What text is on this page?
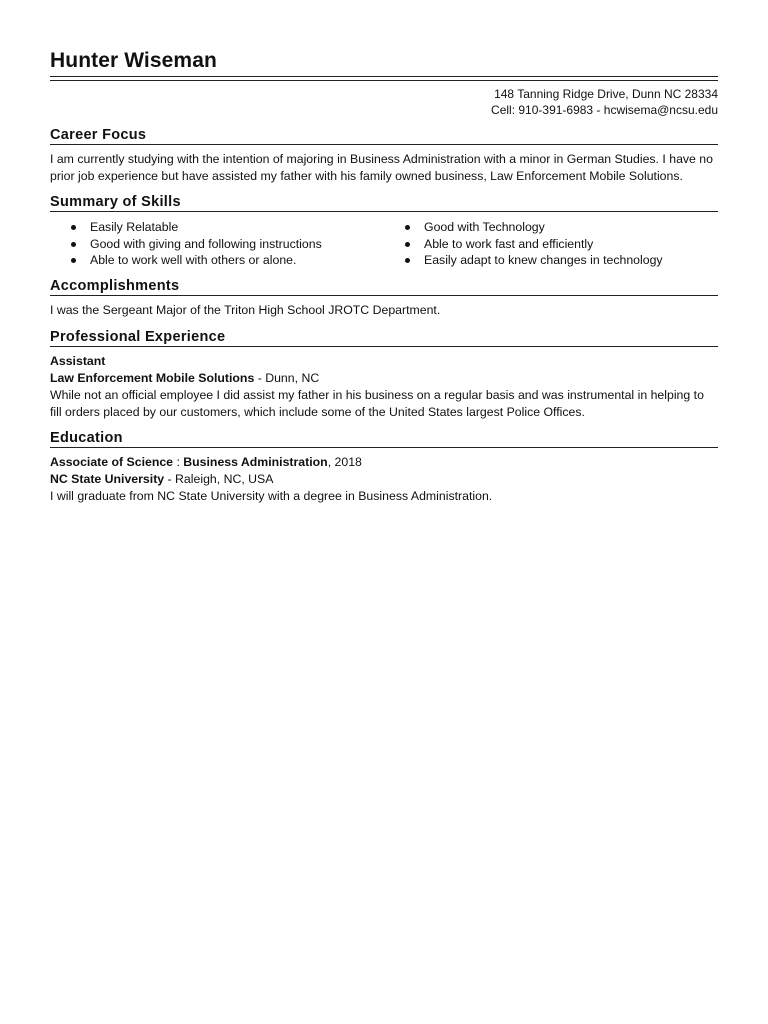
Hunter Wiseman
148 Tanning Ridge Drive, Dunn NC 28334
Cell: 910-391-6983 - hcwisema@ncsu.edu
Career Focus
I am currently studying with the intention of majoring in Business Administration with a minor in German Studies. I have no prior job experience but have assisted my father with his family owned business, Law Enforcement Mobile Solutions.
Summary of Skills
Easily Relatable
Good with giving and following instructions
Able to work well with others or alone.
Good with Technology
Able to work fast and efficiently
Easily adapt to knew changes in technology
Accomplishments
I was the Sergeant Major of the Triton High School JROTC Department.
Professional Experience
Assistant
Law Enforcement Mobile Solutions - Dunn, NC
While not an official employee I did assist my father in his business on a regular basis and was instrumental in helping to fill orders placed by our customers, which include some of the United States largest Police Offices.
Education
Associate of Science : Business Administration, 2018
NC State University - Raleigh, NC, USA
I will graduate from NC State University with a degree in Business Administration.
